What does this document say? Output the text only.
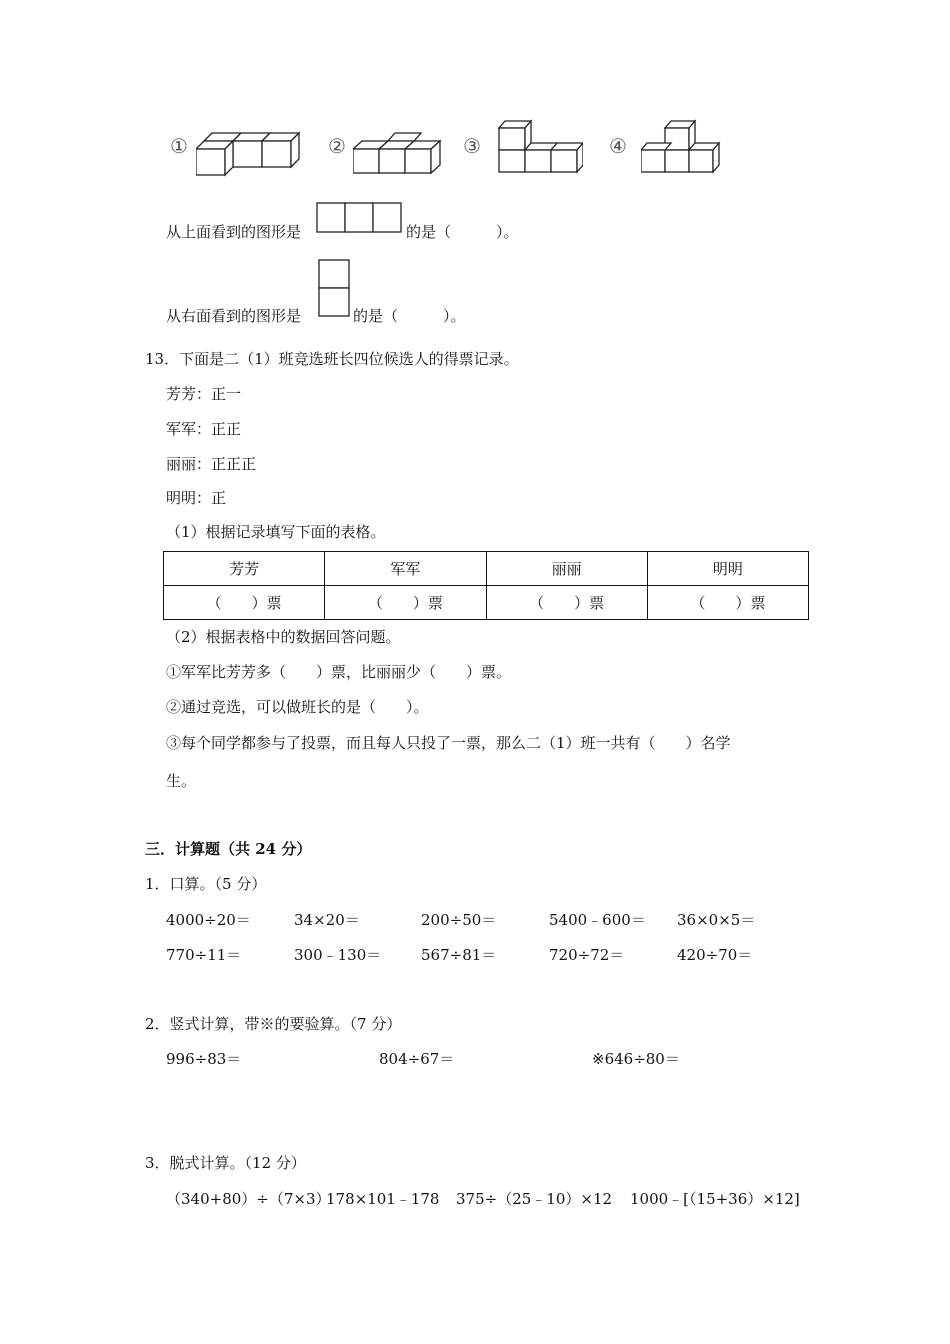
①	②	③	④
从上面看到的图形是	的是（　　　）。
从右面看到的图形是	的是（　　　）。
13．下面是二（1）班竞选班长四位候选人的得票记录。
芳芳：正一
军军：正正
丽丽：正正正
明明：正
（1）根据记录填写下面的表格。
芳芳	军军	丽丽	明明
（　　）票	（　　）票	（　　）票	（　　）票
（2）根据表格中的数据回答问题。
①军军比芳芳多（　　）票，比丽丽少（　　）票。
②通过竞选，可以做班长的是（　　）。
③每个同学都参与了投票，而且每人只投了一票，那么二（1）班一共有（　　）名学
生。
三．计算题（共 24 分）
1．口算。（5 分）
4000÷20＝	34×20＝	200÷50＝	5400﹣600＝ 36×0×5＝
770÷11＝	300﹣130＝	567÷81＝	720÷72＝	420÷70＝
2．竖式计算，带※的要验算。（7 分）
996÷83＝	804÷67＝	※646÷80＝
3．脱式计算。（12 分）
（340+80）÷（7×3）
178×101﹣178 375÷（25﹣10）×12 1000﹣[（15+36）×12]
